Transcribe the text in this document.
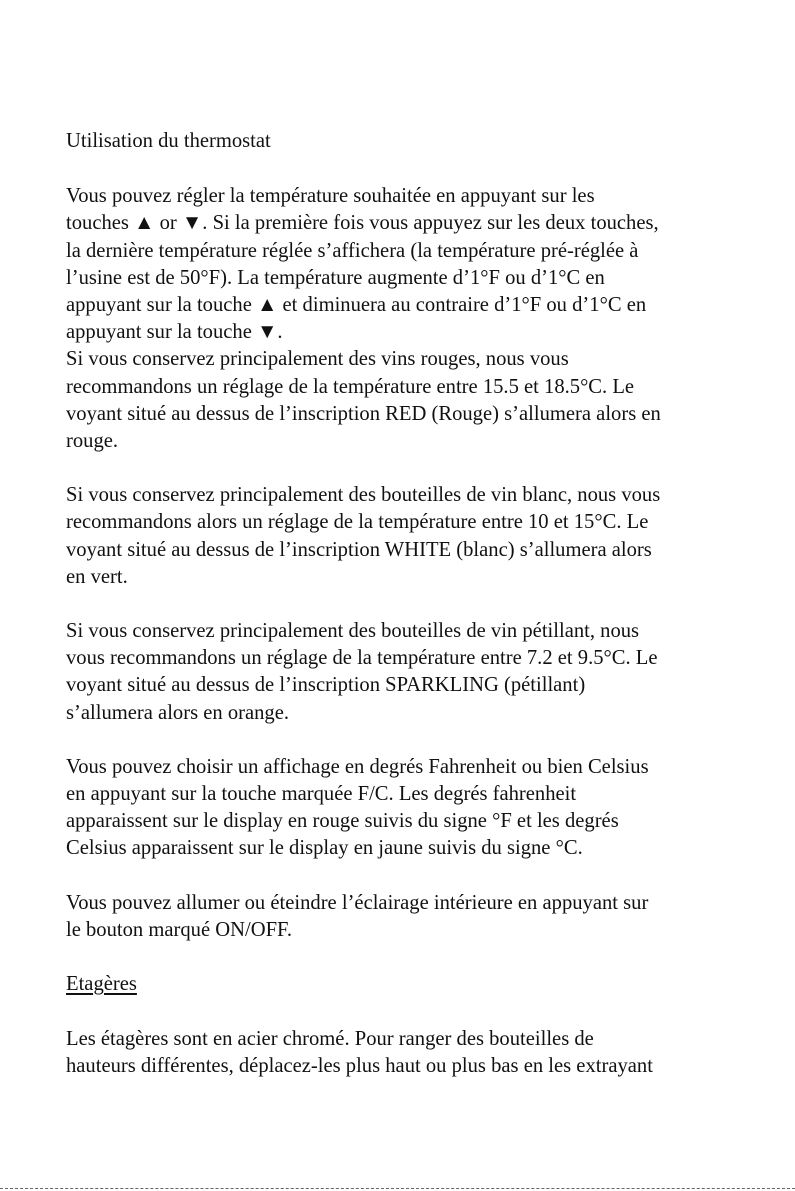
Utilisation du thermostat
Vous pouvez régler la température souhaitée en appuyant sur les
touches ▲ or ▼. Si la première fois vous appuyez sur les deux touches,
la dernière température réglée s’affichera (la température pré-réglée à
l’usine est de 50°F). La température augmente d’1°F ou d’1°C en
appuyant sur la touche ▲ et diminuera au contraire d’1°F ou d’1°C en
appuyant sur la touche ▼.
Si vous conservez principalement des vins rouges, nous vous
recommandons un réglage de la température entre 15.5 et 18.5°C. Le
voyant situé au dessus de l’inscription RED (Rouge) s’allumera alors en
rouge.
Si vous conservez principalement des bouteilles de vin blanc, nous vous
recommandons alors un réglage de la température entre 10 et 15°C. Le
voyant situé au dessus de l’inscription WHITE (blanc) s’allumera alors
en vert.
Si vous conservez principalement des bouteilles de vin pétillant, nous
vous recommandons un réglage de la température entre 7.2 et 9.5°C. Le
voyant situé au dessus de l’inscription SPARKLING (pétillant)
s’allumera alors en orange.
Vous pouvez choisir un affichage en degrés Fahrenheit ou bien Celsius
en appuyant sur la touche marquée F/C. Les degrés fahrenheit
apparaissent sur le display en rouge suivis du signe °F et les degrés
Celsius apparaissent sur le display en jaune suivis du signe °C.
Vous pouvez allumer ou éteindre l’éclairage intérieure en appuyant sur
le bouton marqué ON/OFF.
Etagères
Les étagères sont en acier chromé. Pour ranger des bouteilles de
hauteurs différentes, déplacez-les plus haut ou plus bas en les extrayant
